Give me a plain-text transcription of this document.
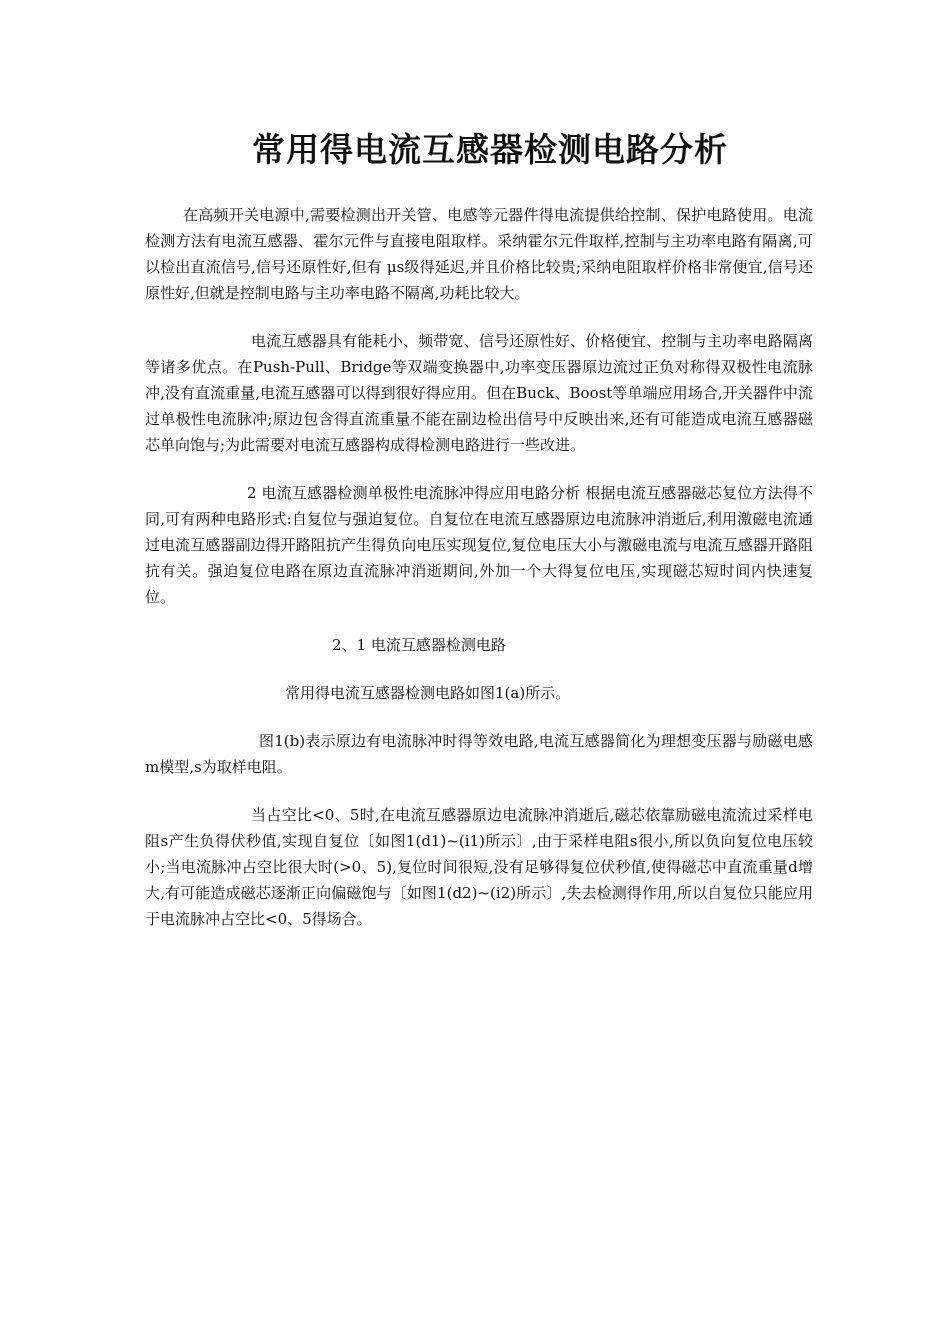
常用得电流互感器检测电路分析

在高频开关电源中,需要检测出开关管、电感等元器件得电流提供给控制、保护电路使用。电流检测方法有电流互感器、霍尔元件与直接电阻取样。采纳霍尔元件取样,控制与主功率电路有隔离,可以检出直流信号,信号还原性好,但有 μs级得延迟,并且价格比较贵;采纳电阻取样价格非常便宜,信号还原性好,但就是控制电路与主功率电路不隔离,功耗比较大。

电流互感器具有能耗小、频带宽、信号还原性好、价格便宜、控制与主功率电路隔离等诸多优点。在Push-Pull、Bridge等双端变换器中,功率变压器原边流过正负对称得双极性电流脉冲,没有直流重量,电流互感器可以得到很好得应用。但在Buck、Boost等单端应用场合,开关器件中流过单极性电流脉冲;原边包含得直流重量不能在副边检出信号中反映出来,还有可能造成电流互感器磁芯单向饱与;为此需要对电流互感器构成得检测电路进行一些改进。

2 电流互感器检测单极性电流脉冲得应用电路分析 根据电流互感器磁芯复位方法得不同,可有两种电路形式:自复位与强迫复位。自复位在电流互感器原边电流脉冲消逝后,利用激磁电流通过电流互感器副边得开路阻抗产生得负向电压实现复位,复位电压大小与激磁电流与电流互感器开路阻抗有关。强迫复位电路在原边直流脉冲消逝期间,外加一个大得复位电压,实现磁芯短时间内快速复位。

2、1 电流互感器检测电路

常用得电流互感器检测电路如图1(a)所示。

图1(b)表示原边有电流脉冲时得等效电路,电流互感器简化为理想变压器与励磁电感m模型,s为取样电阻。

当占空比<0、5时,在电流互感器原边电流脉冲消逝后,磁芯依靠励磁电流流过采样电阻s产生负得伏秒值,实现自复位〔如图1(d1)~(i1)所示〕,由于采样电阻s很小,所以负向复位电压较小;当电流脉冲占空比很大时(>0、5),复位时间很短,没有足够得复位伏秒值,使得磁芯中直流重量d增大,有可能造成磁芯逐渐正向偏磁饱与〔如图1(d2)~(i2)所示〕,失去检测得作用,所以自复位只能应用于电流脉冲占空比<0、5得场合。
